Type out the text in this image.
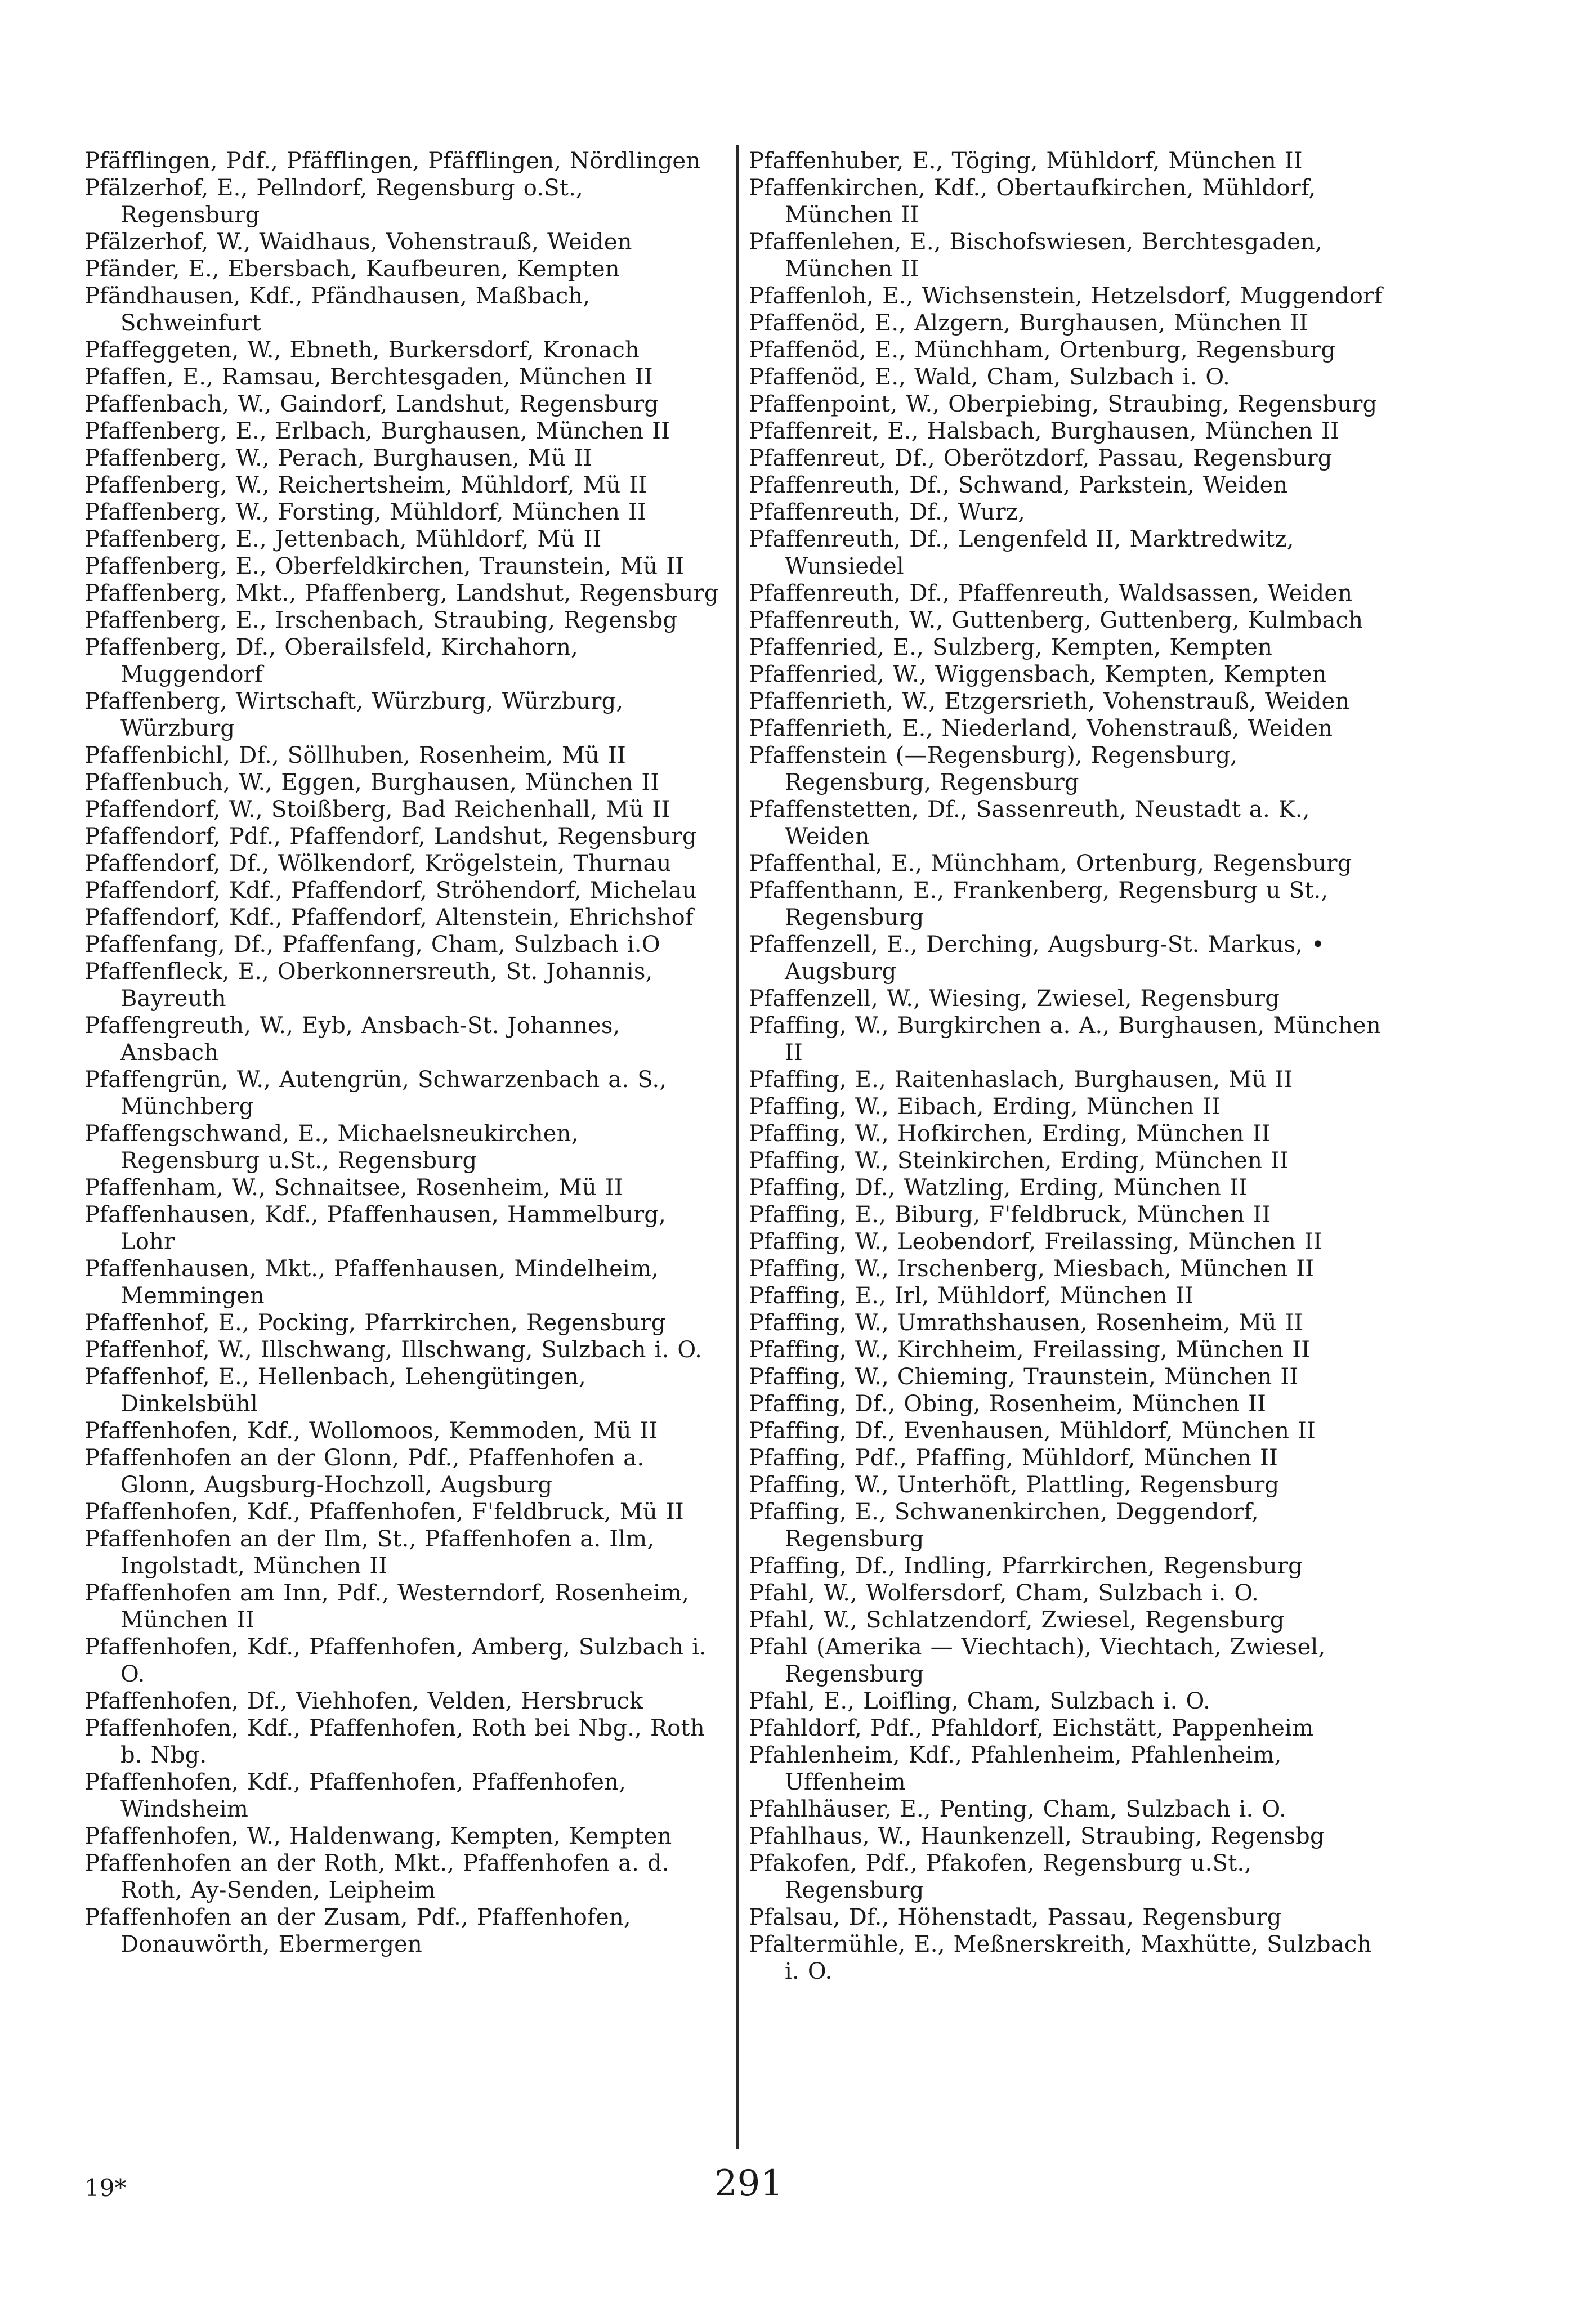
Pfäfflingen, Pdf., Pfäfflingen, Pfäfflingen, Nördlingen

Pfälzerhof, E., Pellndorf, Regensburg o.St., Regensburg

Pfälzerhof, W., Waidhaus, Vohenstrauß, Weiden

Pfänder, E., Ebersbach, Kaufbeuren, Kempten

Pfändhausen, Kdf., Pfändhausen, Maßbach, Schweinfurt

Pfaffeggeten, W., Ebneth, Burkersdorf, Kronach

Pfaffen, E., Ramsau, Berchtesgaden, München II

Pfaffenbach, W., Gaindorf, Landshut, Regensburg

Pfaffenberg, E., Erlbach, Burghausen, München II

Pfaffenberg, W., Perach, Burghausen, Mü II

Pfaffenberg, W., Reichertsheim, Mühldorf, Mü II

Pfaffenberg, W., Forsting, Mühldorf, München II

Pfaffenberg, E., Jettenbach, Mühldorf, Mü II

Pfaffenberg, E., Oberfeldkirchen, Traunstein, Mü II

Pfaffenberg, Mkt., Pfaffenberg, Landshut, Regensburg

Pfaffenberg, E., Irschenbach, Straubing, Regensbg

Pfaffenberg, Df., Oberailsfeld, Kirchahorn, Muggendorf

Pfaffenberg, Wirtschaft, Würzburg, Würzburg, Würzburg

Pfaffenbichl, Df., Söllhuben, Rosenheim, Mü II

Pfaffenbuch, W., Eggen, Burghausen, München II

Pfaffendorf, W., Stoißberg, Bad Reichenhall, Mü II

Pfaffendorf, Pdf., Pfaffendorf, Landshut, Regensburg

Pfaffendorf, Df., Wölkendorf, Krögelstein, Thurnau

Pfaffendorf, Kdf., Pfaffendorf, Ströhendorf, Michelau

Pfaffendorf, Kdf., Pfaffendorf, Altenstein, Ehrichshof

Pfaffenfang, Df., Pfaffenfang, Cham, Sulzbach i.O

Pfaffenfleck, E., Oberkonnersreuth, St. Johannis, Bayreuth

Pfaffengreuth, W., Eyb, Ansbach-St. Johannes, Ansbach

Pfaffengrün, W., Autengrün, Schwarzenbach a. S., Münchberg

Pfaffengschwand, E., Michaelsneukirchen, Regensburg u.St., Regensburg

Pfaffenham, W., Schnaitsee, Rosenheim, Mü II

Pfaffenhausen, Kdf., Pfaffenhausen, Hammelburg, Lohr

Pfaffenhausen, Mkt., Pfaffenhausen, Mindelheim, Memmingen

Pfaffenhof, E., Pocking, Pfarrkirchen, Regensburg

Pfaffenhof, W., Illschwang, Illschwang, Sulzbach i. O.

Pfaffenhof, E., Hellenbach, Lehengütingen, Dinkelsbühl

Pfaffenhofen, Kdf., Wollomoos, Kemmoden, Mü II

Pfaffenhofen an der Glonn, Pdf., Pfaffenhofen a. Glonn, Augsburg-Hochzoll, Augsburg

Pfaffenhofen, Kdf., Pfaffenhofen, F'feldbruck, Mü II

Pfaffenhofen an der Ilm, St., Pfaffenhofen a. Ilm, Ingolstadt, München II

Pfaffenhofen am Inn, Pdf., Westerndorf, Rosenheim, München II

Pfaffenhofen, Kdf., Pfaffenhofen, Amberg, Sulzbach i. O.

Pfaffenhofen, Df., Viehhofen, Velden, Hersbruck

Pfaffenhofen, Kdf., Pfaffenhofen, Roth bei Nbg., Roth b. Nbg.

Pfaffenhofen, Kdf., Pfaffenhofen, Pfaffenhofen, Windsheim

Pfaffenhofen, W., Haldenwang, Kempten, Kempten

Pfaffenhofen an der Roth, Mkt., Pfaffenhofen a. d. Roth, Ay-Senden, Leipheim

Pfaffenhofen an der Zusam, Pdf., Pfaffenhofen, Donauwörth, Ebermergen

Pfaffenhuber, E., Töging, Mühldorf, München II

Pfaffenkirchen, Kdf., Obertaufkirchen, Mühldorf, München II

Pfaffenlehen, E., Bischofswiesen, Berchtesgaden, München II

Pfaffenloh, E., Wichsenstein, Hetzelsdorf, Muggendorf

Pfaffenöd, E., Alzgern, Burghausen, München II

Pfaffenöd, E., Münchham, Ortenburg, Regensburg

Pfaffenöd, E., Wald, Cham, Sulzbach i. O.

Pfaffenpoint, W., Oberpiebing, Straubing, Regensburg

Pfaffenreit, E., Halsbach, Burghausen, München II

Pfaffenreut, Df., Oberötzdorf, Passau, Regensburg

Pfaffenreuth, Df., Schwand, Parkstein, Weiden

Pfaffenreuth, Df., Wurz,

Pfaffenreuth, Df., Lengenfeld II, Marktredwitz, Wunsiedel

Pfaffenreuth, Df., Pfaffenreuth, Waldsassen, Weiden

Pfaffenreuth, W., Guttenberg, Guttenberg, Kulmbach

Pfaffenried, E., Sulzberg, Kempten, Kempten

Pfaffenried, W., Wiggensbach, Kempten, Kempten

Pfaffenrieth, W., Etzgersrieth, Vohenstrauß, Weiden

Pfaffenrieth, E., Niederland, Vohenstrauß, Weiden

Pfaffenstein (—Regensburg), Regensburg, Regensburg, Regensburg

Pfaffenstetten, Df., Sassenreuth, Neustadt a. K., Weiden

Pfaffenthal, E., Münchham, Ortenburg, Regensburg

Pfaffenthann, E., Frankenberg, Regensburg u St., Regensburg

Pfaffenzell, E., Derching, Augsburg-St. Markus, • Augsburg

Pfaffenzell, W., Wiesing, Zwiesel, Regensburg

Pfaffing, W., Burgkirchen a. A., Burghausen, München II

Pfaffing, E., Raitenhaslach, Burghausen, Mü II

Pfaffing, W., Eibach, Erding, München II

Pfaffing, W., Hofkirchen, Erding, München II

Pfaffing, W., Steinkirchen, Erding, München II

Pfaffing, Df., Watzling, Erding, München II

Pfaffing, E., Biburg, F'feldbruck, München II

Pfaffing, W., Leobendorf, Freilassing, München II

Pfaffing, W., Irschenberg, Miesbach, München II

Pfaffing, E., Irl, Mühldorf, München II

Pfaffing, W., Umrathshausen, Rosenheim, Mü II

Pfaffing, W., Kirchheim, Freilassing, München II

Pfaffing, W., Chieming, Traunstein, München II

Pfaffing, Df., Obing, Rosenheim, München II

Pfaffing, Df., Evenhausen, Mühldorf, München II

Pfaffing, Pdf., Pfaffing, Mühldorf, München II

Pfaffing, W., Unterhöft, Plattling, Regensburg

Pfaffing, E., Schwanenkirchen, Deggendorf, Regensburg

Pfaffing, Df., Indling, Pfarrkirchen, Regensburg

Pfahl, W., Wolfersdorf, Cham, Sulzbach i. O.

Pfahl, W., Schlatzendorf, Zwiesel, Regensburg

Pfahl (Amerika — Viechtach), Viechtach, Zwiesel, Regensburg

Pfahl, E., Loifling, Cham, Sulzbach i. O.

Pfahldorf, Pdf., Pfahldorf, Eichstätt, Pappenheim

Pfahlenheim, Kdf., Pfahlenheim, Pfahlenheim, Uffenheim

Pfahlhäuser, E., Penting, Cham, Sulzbach i. O.

Pfahlhaus, W., Haunkenzell, Straubing, Regensbg

Pfakofen, Pdf., Pfakofen, Regensburg u.St., Regensburg

Pfalsau, Df., Höhenstadt, Passau, Regensburg

Pfaltermühle, E., Meßnerskreith, Maxhütte, Sulzbach i. O.

19*	291
